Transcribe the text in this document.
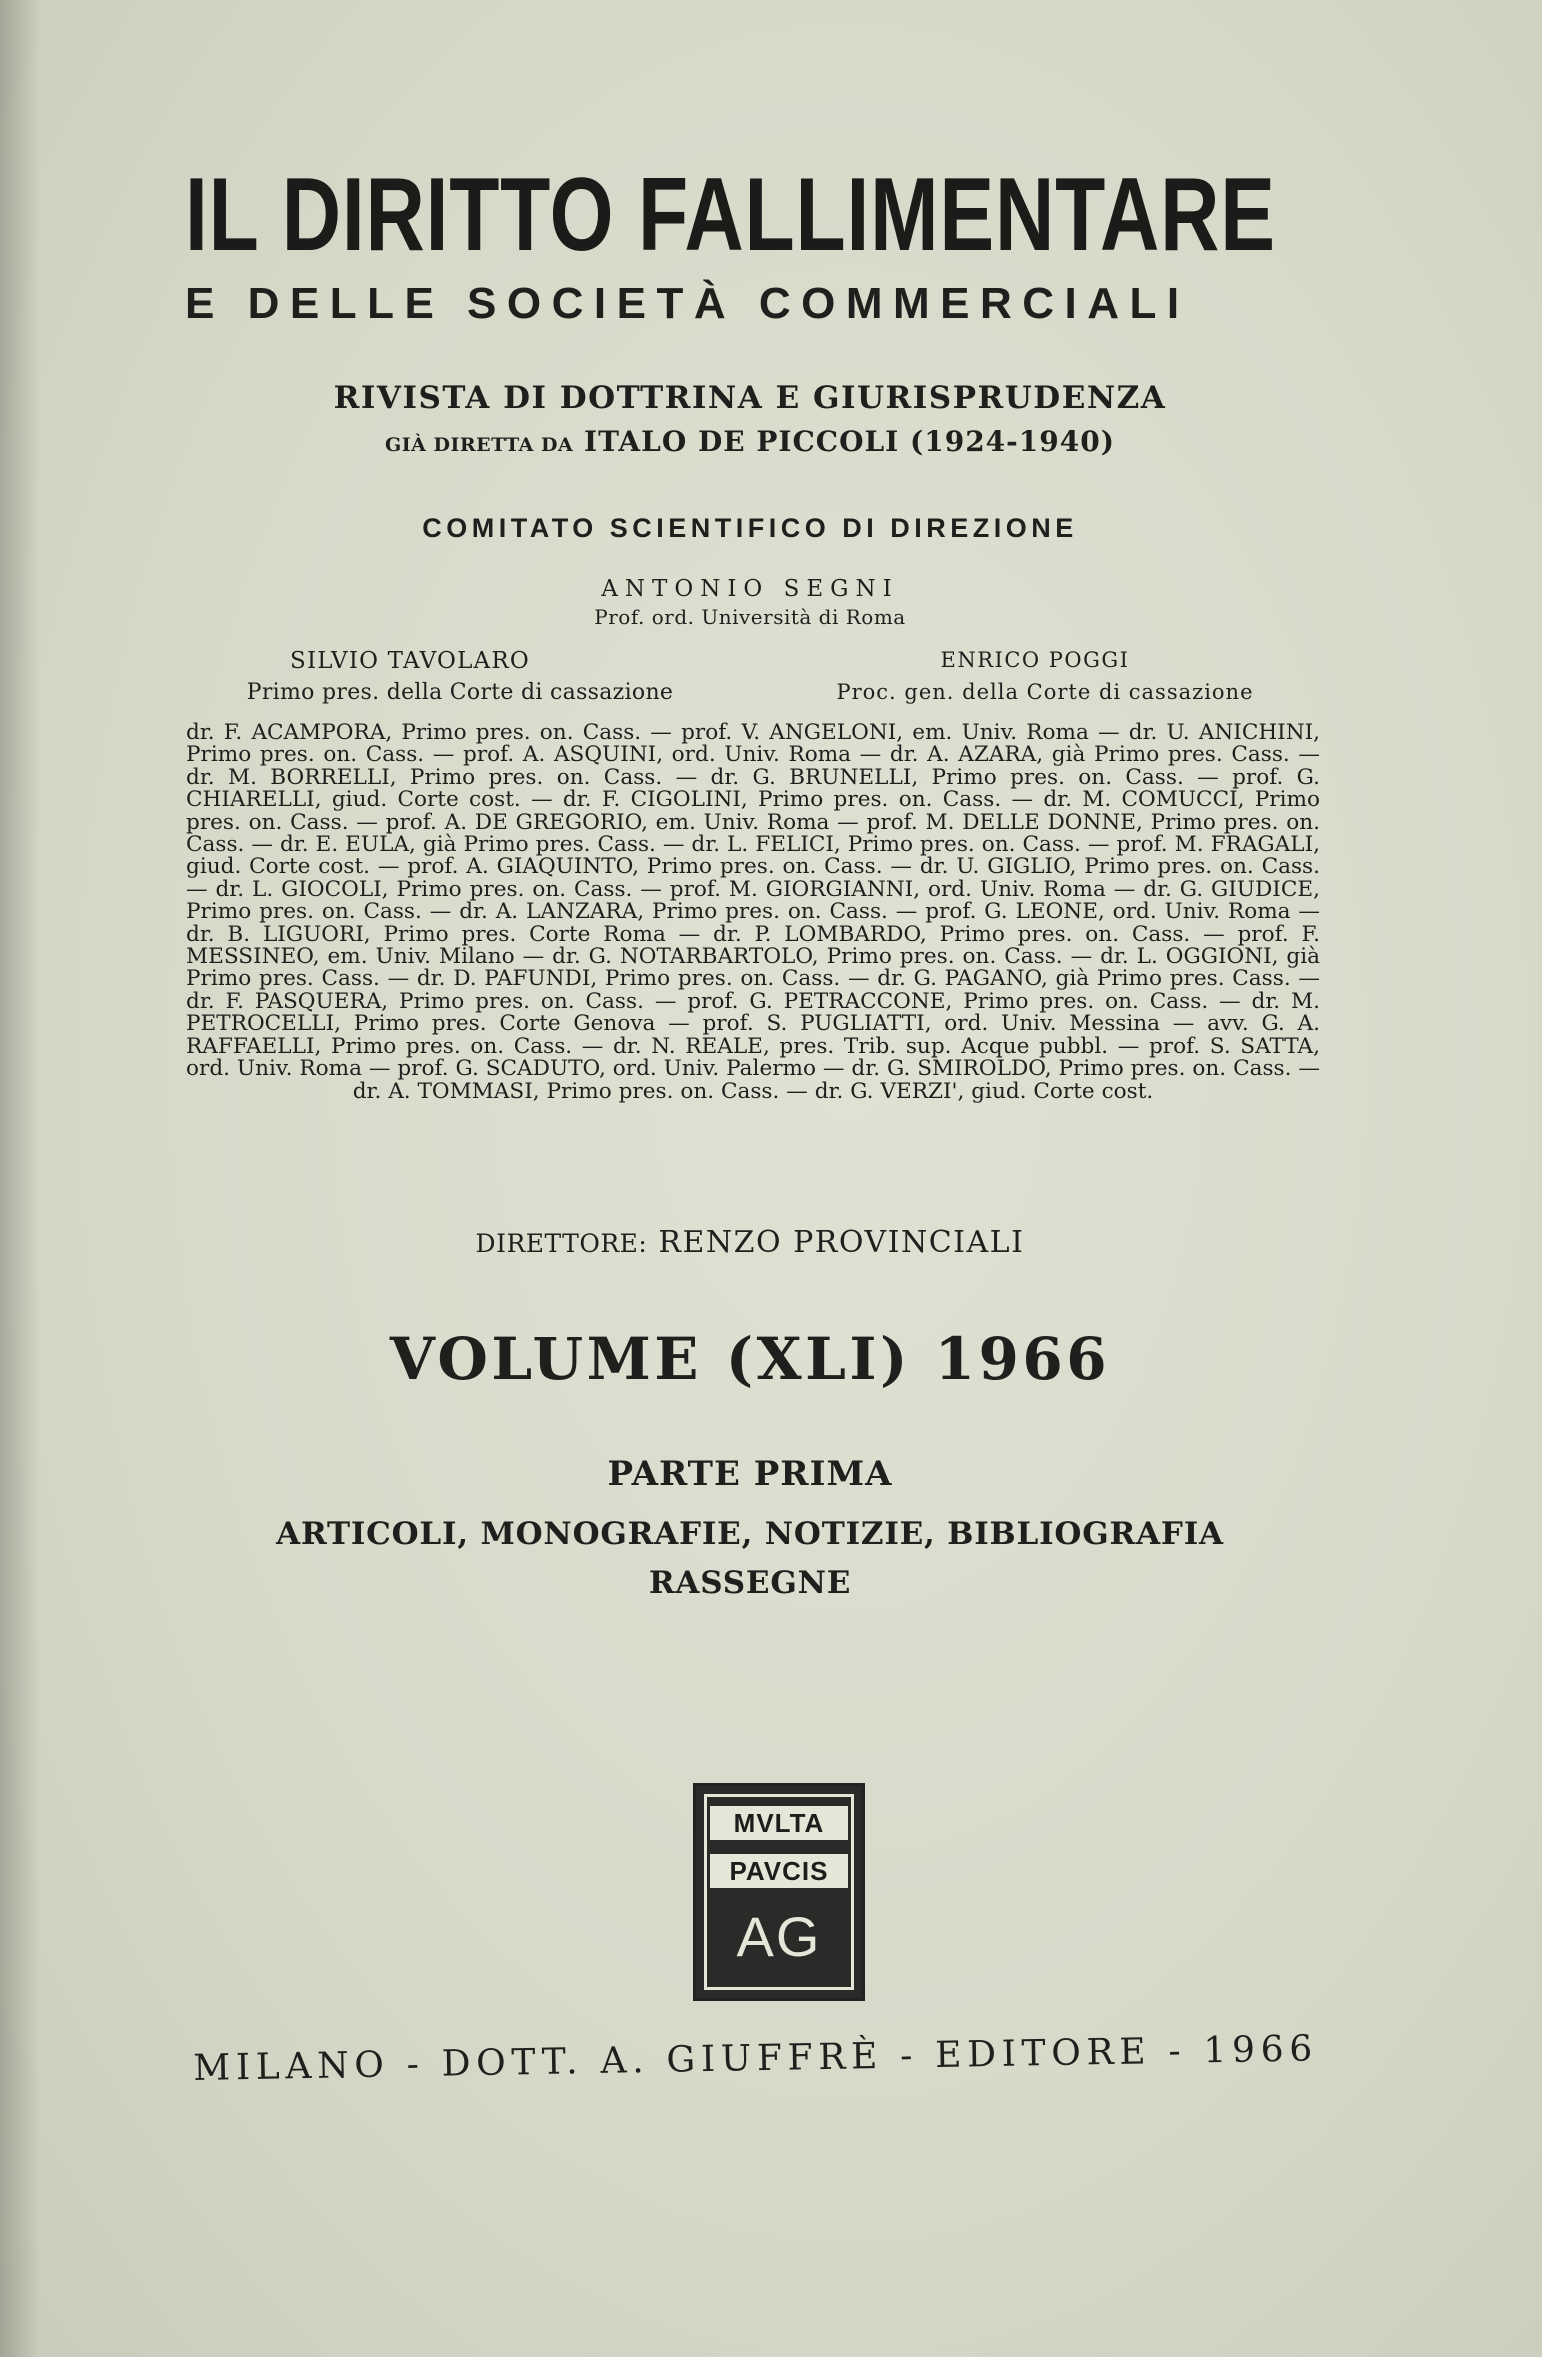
IL DIRITTO FALLIMENTARE
E DELLE SOCIETÀ COMMERCIALI
RIVISTA DI DOTTRINA E GIURISPRUDENZA
GIÀ DIRETTA DA ITALO DE PICCOLI (1924-1940)
COMITATO SCIENTIFICO DI DIREZIONE
ANTONIO SEGNI
Prof. ord. Università di Roma
SILVIO TAVOLARO
Primo pres. della Corte di cassazione
ENRICO POGGI
Proc. gen. della Corte di cassazione
dr. F. ACAMPORA, Primo pres. on. Cass. — prof. V. ANGELONI, em. Univ. Roma — dr. U. ANICHINI, Primo pres. on. Cass. — prof. A. ASQUINI, ord. Univ. Roma — dr. A. AZARA, già Primo pres. Cass. — dr. M. BORRELLI, Primo pres. on. Cass. — dr. G. BRUNELLI, Primo pres. on. Cass. — prof. G. CHIARELLI, giud. Corte cost. — dr. F. CIGOLINI, Primo pres. on. Cass. — dr. M. COMUCCI, Primo pres. on. Cass. — prof. A. DE GREGORIO, em. Univ. Roma — prof. M. DELLE DONNE, Primo pres. on. Cass. — dr. E. EULA, già Primo pres. Cass. — dr. L. FELICI, Primo pres. on. Cass. — prof. M. FRAGALI, giud. Corte cost. — prof. A. GIAQUINTO, Primo pres. on. Cass. — dr. U. GIGLIO, Primo pres. on. Cass. — dr. L. GIOCOLI, Primo pres. on. Cass. — prof. M. GIORGIANNI, ord. Univ. Roma — dr. G. GIUDICE, Primo pres. on. Cass. — dr. A. LANZARA, Primo pres. on. Cass. — prof. G. LEONE, ord. Univ. Roma — dr. B. LIGUORI, Primo pres. Corte Roma — dr. P. LOMBARDO, Primo pres. on. Cass. — prof. F. MESSINEO, em. Univ. Milano — dr. G. NOTARBARTOLO, Primo pres. on. Cass. — dr. L. OGGIONI, già Primo pres. Cass. — dr. D. PAFUNDI, Primo pres. on. Cass. — dr. G. PAGANO, già Primo pres. Cass. — dr. F. PASQUERA, Primo pres. on. Cass. — prof. G. PETRACCONE, Primo pres. on. Cass. — dr. M. PETROCELLI, Primo pres. Corte Genova — prof. S. PUGLIATTI, ord. Univ. Messina — avv. G. A. RAFFAELLI, Primo pres. on. Cass. — dr. N. REALE, pres. Trib. sup. Acque pubbl. — prof. S. SATTA, ord. Univ. Roma — prof. G. SCADUTO, ord. Univ. Palermo — dr. G. SMIROLDO, Primo pres. on. Cass. — dr. A. TOMMASI, Primo pres. on. Cass. — dr. G. VERZI', giud. Corte cost.
DIRETTORE: RENZO PROVINCIALI
VOLUME (XLI) 1966
PARTE PRIMA
ARTICOLI, MONOGRAFIE, NOTIZIE, BIBLIOGRAFIA
RASSEGNE
MVLTA
PAVCIS
AG
MILANO - DOTT. A. GIUFFRÈ - EDITORE - 1966
